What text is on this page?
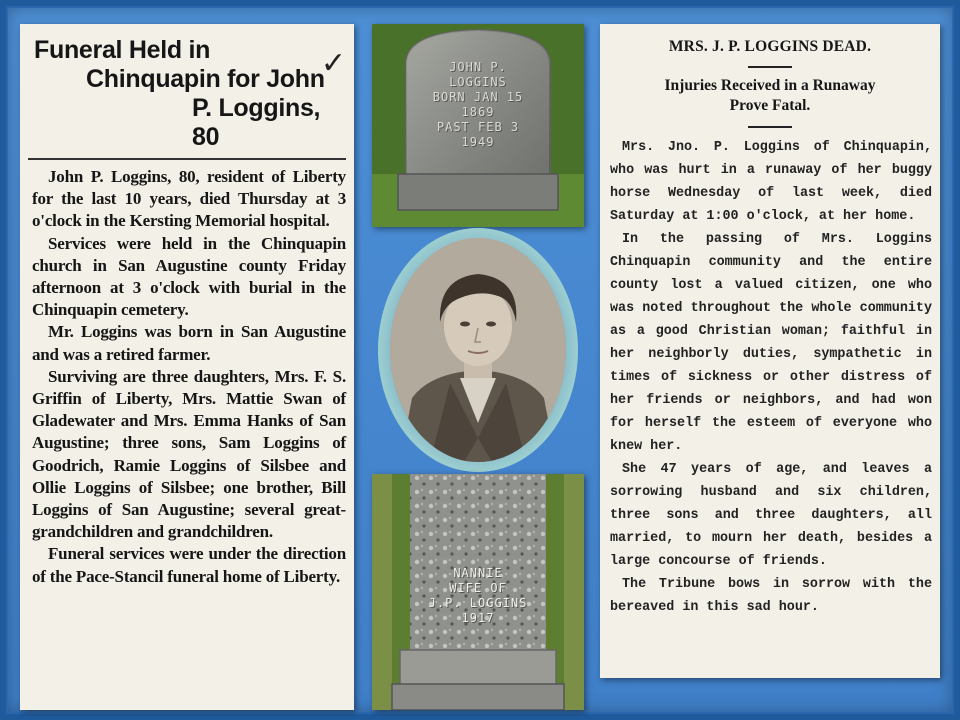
✓
Funeral Held in
Chinquapin for John
P. Loggins, 80

John P. Loggins, 80, resident of Liberty for the last 10 years, died Thursday at 3 o'clock in the Kersting Memorial hospital.

Services were held in the Chinquapin church in San Augustine county Friday afternoon at 3 o'clock with burial in the Chinquapin cemetery.

Mr. Loggins was born in San Augustine and was a retired farmer.

Surviving are three daughters, Mrs. F. S. Griffin of Liberty, Mrs. Mattie Swan of Gladewater and Mrs. Emma Hanks of San Augustine; three sons, Sam Loggins of Goodrich, Ramie Loggins of Silsbee and Ollie Loggins of Silsbee; one brother, Bill Loggins of San Augustine; several great-grandchildren and grandchildren.

Funeral services were under the direction of the Pace-Stancil funeral home of Liberty.

JOHN P.
LOGGINS
BORN JAN 15
1869
PAST FEB 3
1949
NANNIE
WIFE OF
J.P. LOGGINS
1917
MRS. J. P. LOGGINS DEAD.

Injuries Received in a Runaway

Prove Fatal.

Mrs. Jno. P. Loggins of Chinquapin, who was hurt in a runaway of her buggy horse Wednesday of last week, died Saturday at 1:00 o'clock, at her home.

In the passing of Mrs. Loggins Chinquapin community and the entire county lost a valued citizen, one who was noted throughout the whole community as a good Christian woman; faithful in her neighborly duties, sympathetic in times of sickness or other distress of her friends or neighbors, and had won for herself the esteem of everyone who knew her.

She 47 years of age, and leaves a sorrowing husband and six children, three sons and three daughters, all married, to mourn her death, besides a large concourse of friends.

The Tribune bows in sorrow with the bereaved in this sad hour.
